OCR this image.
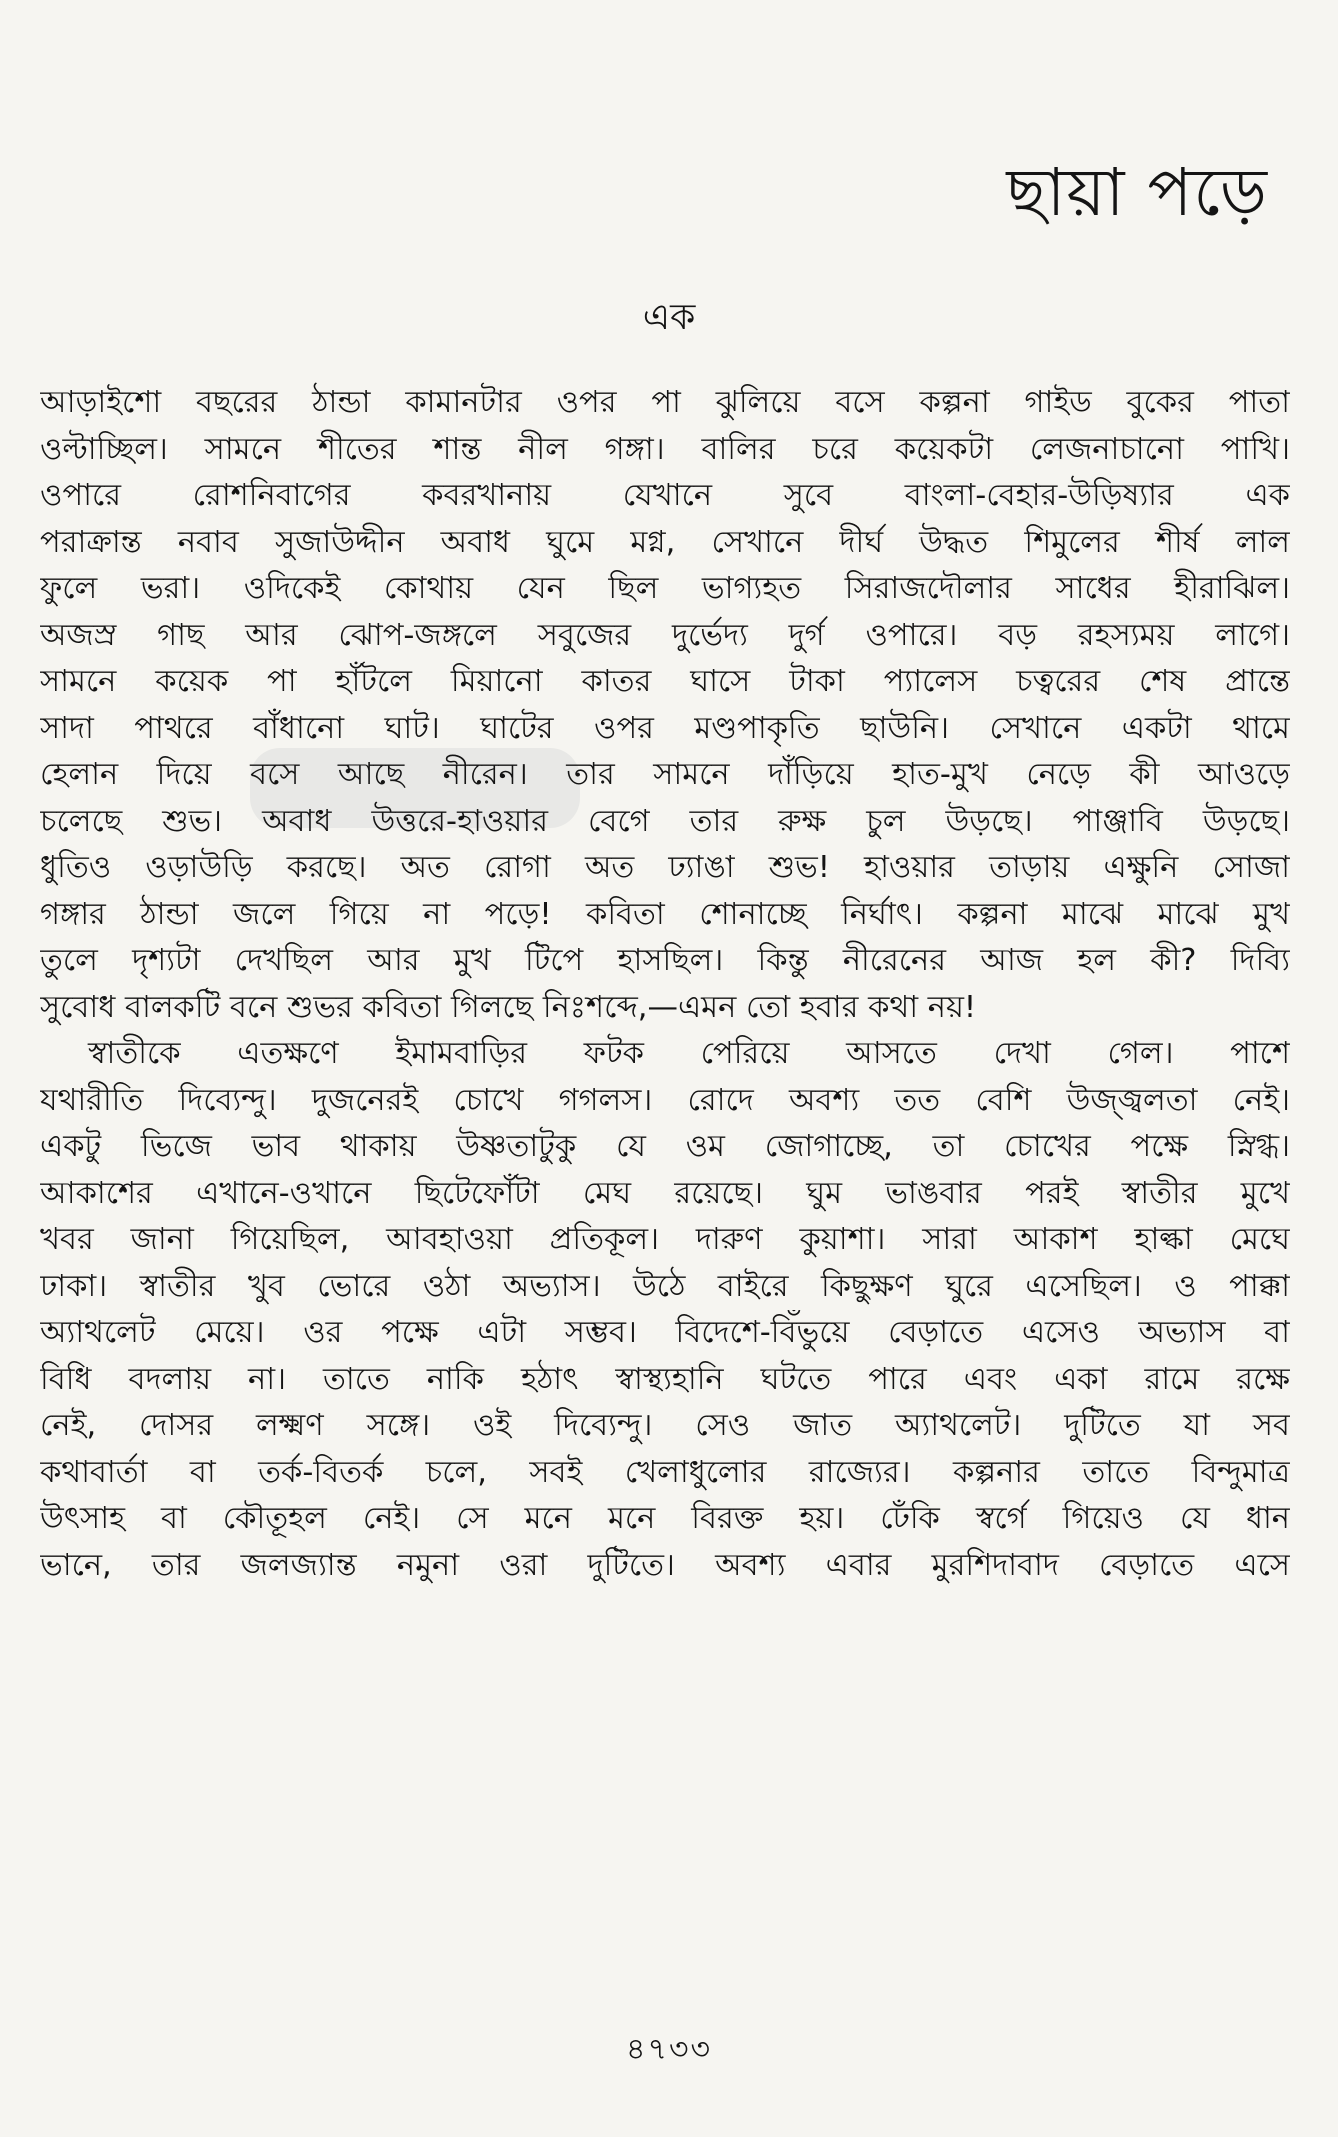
ছায়া পড়ে
এক
আড়াইশো বছরের ঠান্ডা কামানটার ওপর পা ঝুলিয়ে বসে কল্পনা গাইড বুকের পাতা
ওল্টাচ্ছিল। সামনে শীতের শান্ত নীল গঙ্গা। বালির চরে কয়েকটা লেজনাচানো পাখি।
ওপারে রোশনিবাগের কবরখানায় যেখানে সুবে বাংলা-বেহার-উড়িষ্যার এক
পরাক্রান্ত নবাব সুজাউদ্দীন অবাধ ঘুমে মগ্ন, সেখানে দীর্ঘ উদ্ধত শিমুলের শীর্ষ লাল
ফুলে ভরা। ওদিকেই কোথায় যেন ছিল ভাগ্যহত সিরাজদৌলার সাধের হীরাঝিল।
অজস্র গাছ আর ঝোপ-জঙ্গলে সবুজের দুর্ভেদ্য দুর্গ ওপারে। বড় রহস্যময় লাগে।
সামনে কয়েক পা হাঁটলে মিয়ানো কাতর ঘাসে টাকা প্যালেস চত্বরের শেষ প্রান্তে
সাদা পাথরে বাঁধানো ঘাট। ঘাটের ওপর মণ্ডপাকৃতি ছাউনি। সেখানে একটা থামে
হেলান দিয়ে বসে আছে নীরেন। তার সামনে দাঁড়িয়ে হাত-মুখ নেড়ে কী আওড়ে
চলেছে শুভ। অবাধ উত্তরে-হাওয়ার বেগে তার রুক্ষ চুল উড়ছে। পাঞ্জাবি উড়ছে।
ধুতিও ওড়াউড়ি করছে। অত রোগা অত ঢ্যাঙা শুভ! হাওয়ার তাড়ায় এক্ষুনি সোজা
গঙ্গার ঠান্ডা জলে গিয়ে না পড়ে! কবিতা শোনাচ্ছে নির্ঘাৎ। কল্পনা মাঝে মাঝে মুখ
তুলে দৃশ্যটা দেখছিল আর মুখ টিপে হাসছিল। কিন্তু নীরেনের আজ হল কী? দিব্যি
সুবোধ বালকটি বনে শুভর কবিতা গিলছে নিঃশব্দে,—এমন তো হবার কথা নয়!
স্বাতীকে এতক্ষণে ইমামবাড়ির ফটক পেরিয়ে আসতে দেখা গেল। পাশে
যথারীতি দিব্যেন্দু। দুজনেরই চোখে গগলস। রোদে অবশ্য তত বেশি উজ্জ্বলতা নেই।
একটু ভিজে ভাব থাকায় উষ্ণতাটুকু যে ওম জোগাচ্ছে, তা চোখের পক্ষে স্নিগ্ধ।
আকাশের এখানে-ওখানে ছিটেফোঁটা মেঘ রয়েছে। ঘুম ভাঙবার পরই স্বাতীর মুখে
খবর জানা গিয়েছিল, আবহাওয়া প্রতিকূল। দারুণ কুয়াশা। সারা আকাশ হাল্কা মেঘে
ঢাকা। স্বাতীর খুব ভোরে ওঠা অভ্যাস। উঠে বাইরে কিছুক্ষণ ঘুরে এসেছিল। ও পাক্কা
অ্যাথলেট মেয়ে। ওর পক্ষে এটা সম্ভব। বিদেশে-বিঁভুয়ে বেড়াতে এসেও অভ্যাস বা
বিধি বদলায় না। তাতে নাকি হঠাৎ স্বাস্থ্যহানি ঘটতে পারে এবং একা রামে রক্ষে
নেই, দোসর লক্ষ্মণ সঙ্গে। ওই দিব্যেন্দু। সেও জাত অ্যাথলেট। দুটিতে যা সব
কথাবার্তা বা তর্ক-বিতর্ক চলে, সবই খেলাধুলোর রাজ্যের। কল্পনার তাতে বিন্দুমাত্র
উৎসাহ বা কৌতূহল নেই। সে মনে মনে বিরক্ত হয়। ঢেঁকি স্বর্গে গিয়েও যে ধান
ভানে, তার জলজ্যান্ত নমুনা ওরা দুটিতে। অবশ্য এবার মুরশিদাবাদ বেড়াতে এসে
৪৭৩৩
